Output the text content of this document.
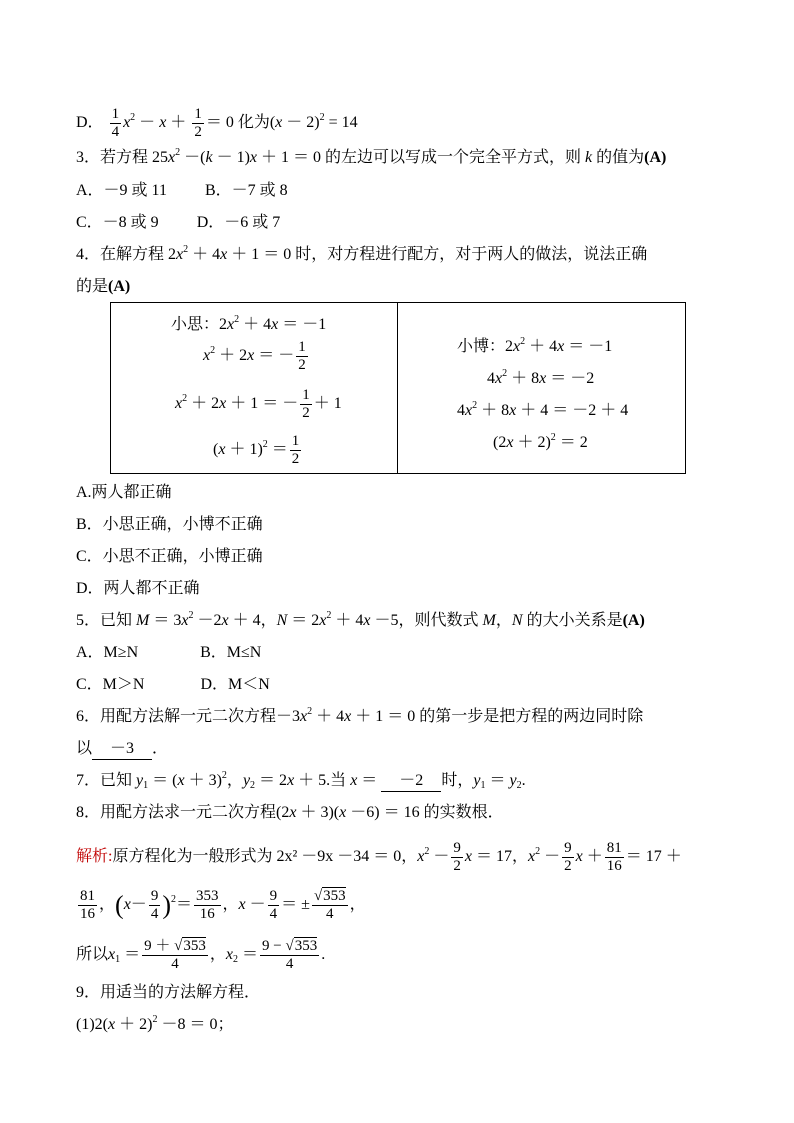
D． $\frac{1}{4} x^2 - x + \frac{1}{2} = 0$ 化为$(x - 2)^2 = 14$
3．若方程 $25x^2 -(k - 1)x + 1 = 0$ 的左边可以写成一个完全平方式，则 k 的值为(A)
A．－9 或 11 B．－7 或 8
C．－8 或 9 D．－6 或 7
4．在解方程 $2x^2 + 4x + 1 = 0$ 时，对方程进行配方，对于两人的做法，说法正确
的是(A)
小思：$2x^2 + 4x = -1$
$x^2 + 2x$ ＝ － $\frac{1}{2}$
$x^2 + 2x + 1$ ＝ － $\frac{1}{2} + 1$
$(x + 1)^2 = \frac{1}{2}$
小博：$2x^2 + 4x = -1$
$4x^2 + 8x = -2$
$4x^2 + 8x + 4 = -2 + 4$
$(2x + 2)^2 = 2$
A.两人都正确
B．小思正确，小博不正确
C．小思不正确，小博正确
D．两人都不正确
5．已知 $M = 3x^2 -2x + 4$，$N = 2x^2 + 4x -5$，则代数式 M，N 的大小关系是(A)
A．M≥N	B．M≤N
C．M＞N	D．M＜N
6．用配方法解一元二次方程$-3x^2 + 4x + 1 = 0$ 的第一步是把方程的两边同时除
以 －3 ．
7．已知 $y_1 = (x + 3)^2$，$y_2 = 2x + 5$.当 x ＝ －2 时，$y_1 = y_2$.
8．用配方法求一元二次方程(2x ＋ 3)(x －6) ＝ 16 的实数根．
解析:原方程化为一般形式为 2x² －9x －34 ＝ 0，$x^2 - \frac{9}{2}$ x ＝ 17，$x^2 - \frac{9}{2}$ $x + \frac{81}{16} = 17$ ＋
$\frac{81}{16}$ ，$(x- \frac{9}{4} )^2= \frac{353}{16}$ ，$x - \frac{9}{4}$ ＝ ± $\frac{√353}{4}$ ，
所以$x_1 = \frac{9 + √353}{4}$ ，$x_2 = \frac{9 - √353}{4}$ .
9．用适当的方法解方程．
$(1)2(x + 2)^2 -8 = 0$；
